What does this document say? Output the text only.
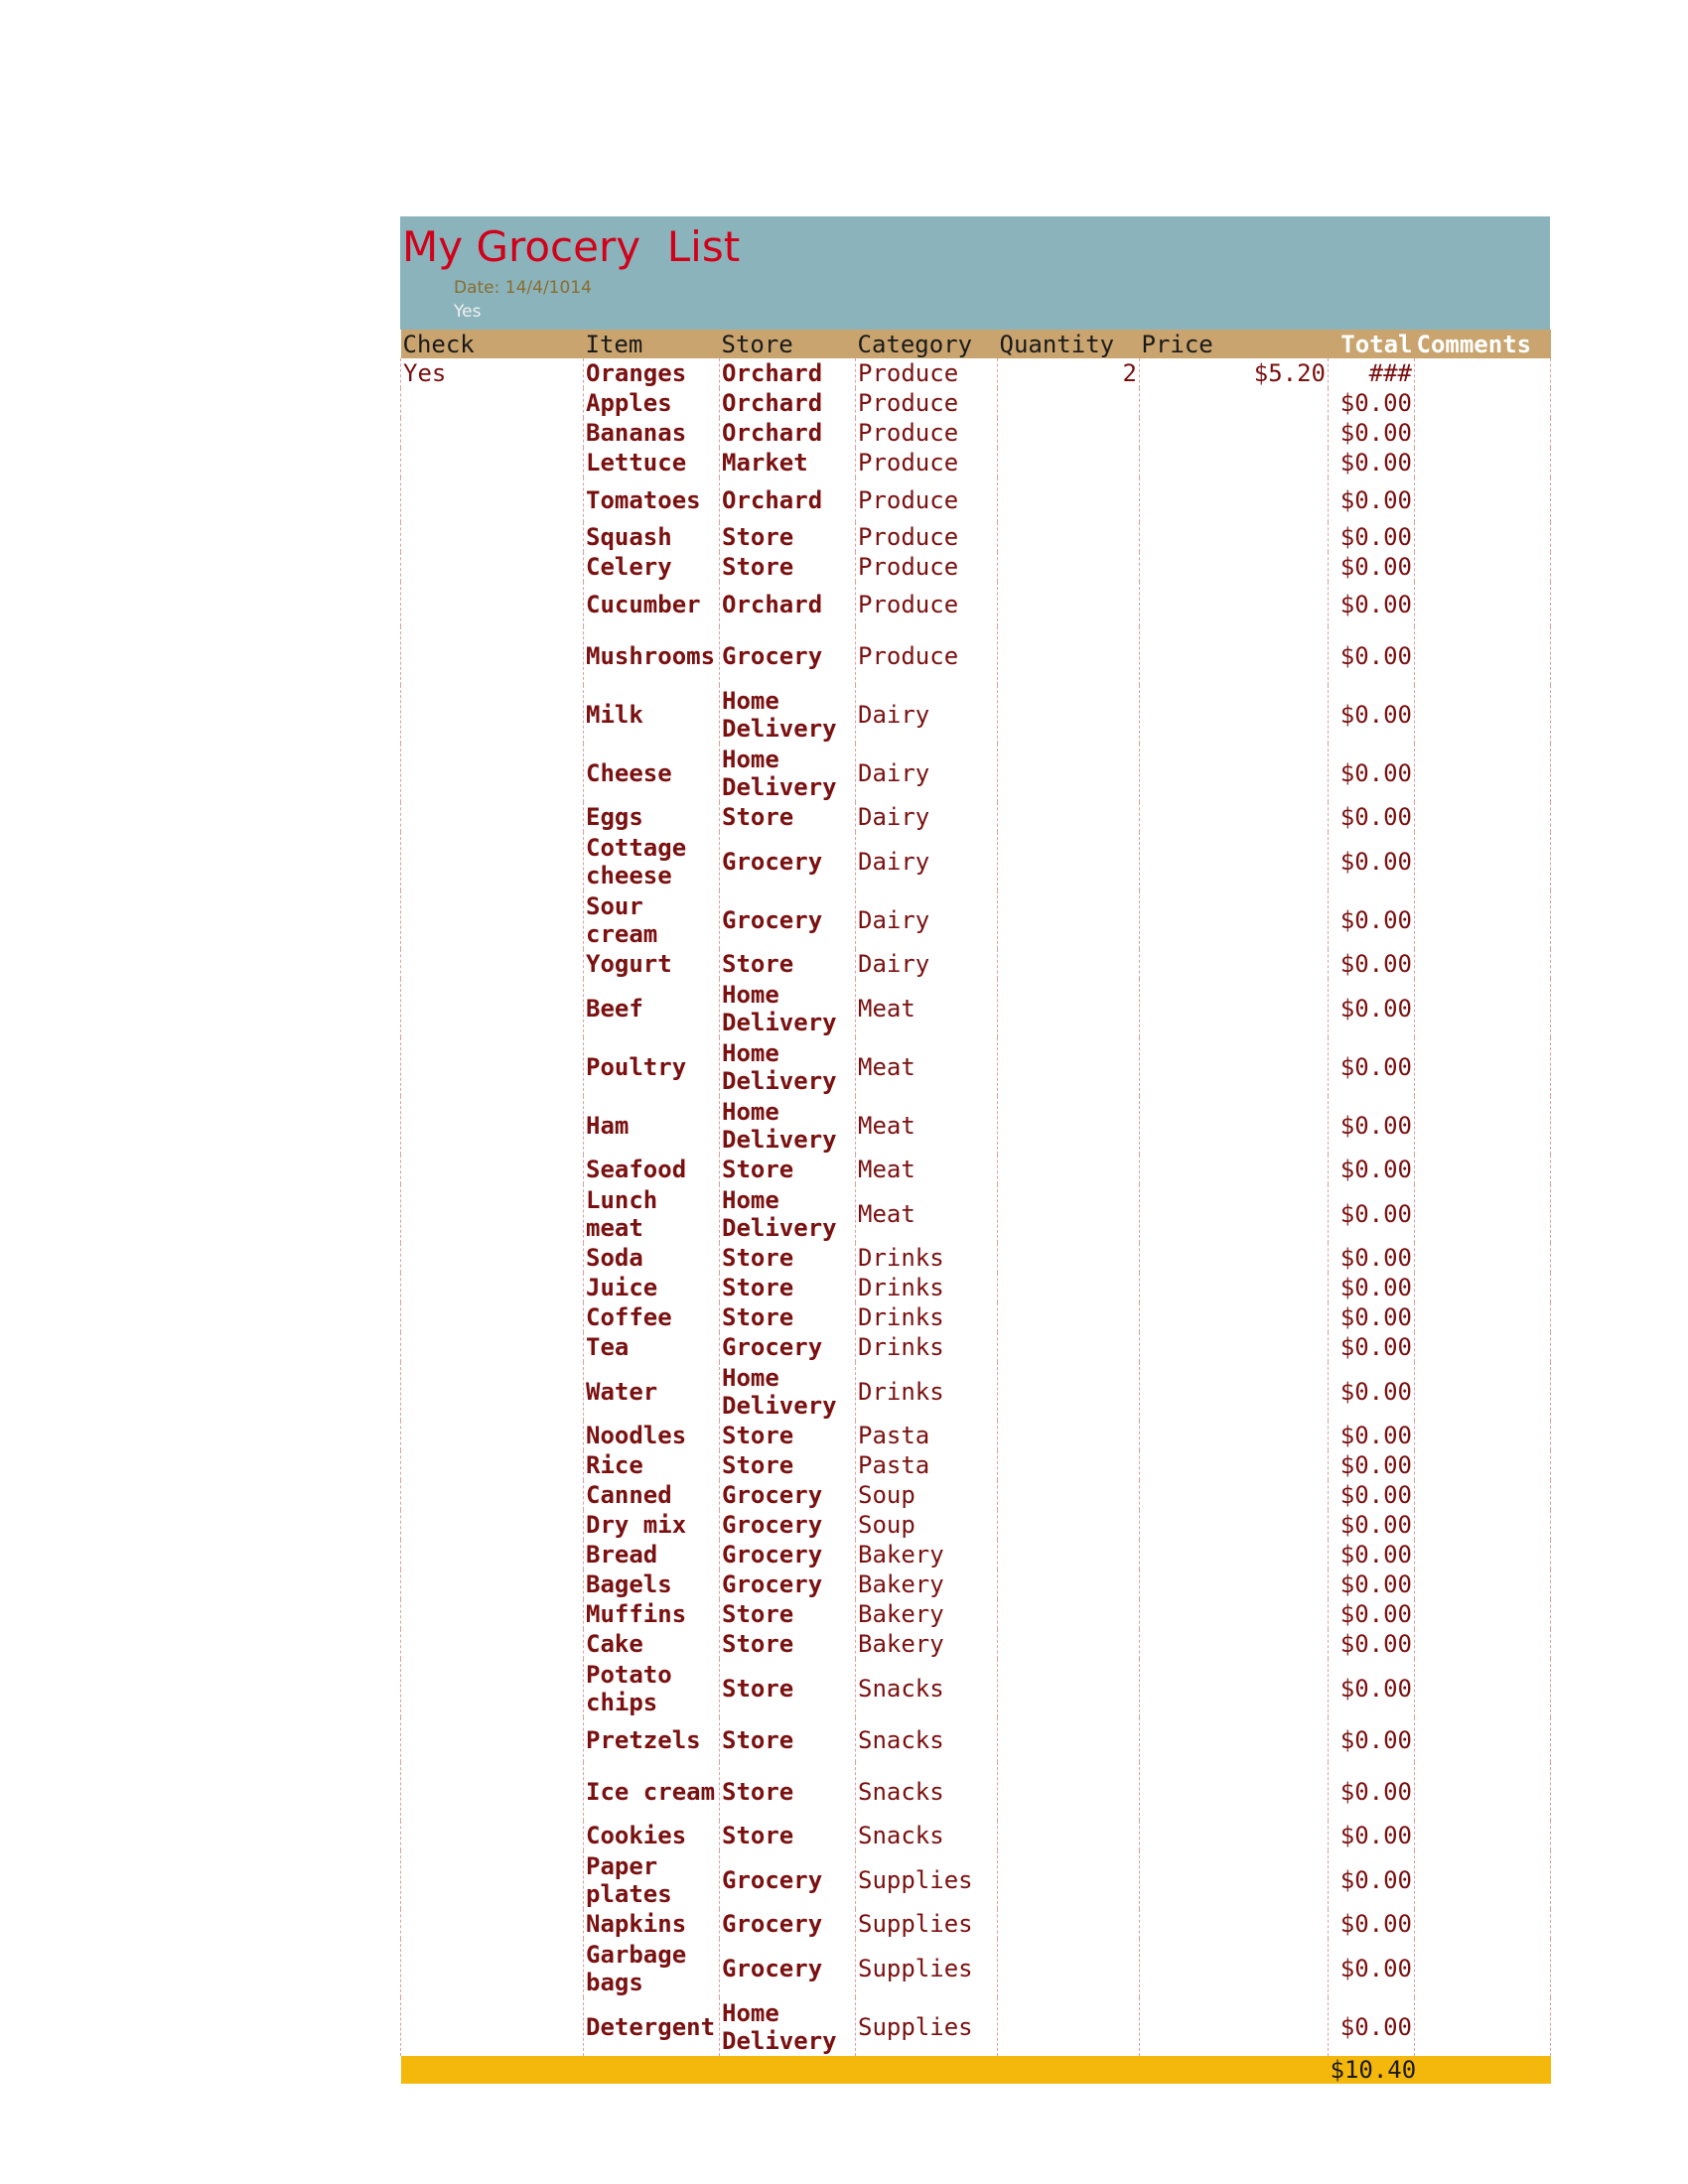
My Grocery  List
Date: 14/4/1014
Yes
Check	Item	Store	Category	Quantity	Price	Total	Comments
Yes	Oranges	Orchard	Produce	2	$5.20	###	
	Apples	Orchard	Produce			$0.00	
	Bananas	Orchard	Produce			$0.00	
	Lettuce	Market	Produce			$0.00	
	Tomatoes	Orchard	Produce			$0.00	
	Squash	Store	Produce			$0.00	
	Celery	Store	Produce			$0.00	
	Cucumber	Orchard	Produce			$0.00	
	Mushrooms	Grocery	Produce			$0.00	
	Milk	Home Delivery	Dairy			$0.00	
	Cheese	Home Delivery	Dairy			$0.00	
	Eggs	Store	Dairy			$0.00	
	Cottage cheese	Grocery	Dairy			$0.00	
	Sour cream	Grocery	Dairy			$0.00	
	Yogurt	Store	Dairy			$0.00	
	Beef	Home Delivery	Meat			$0.00	
	Poultry	Home Delivery	Meat			$0.00	
	Ham	Home Delivery	Meat			$0.00	
	Seafood	Store	Meat			$0.00	
	Lunch meat	Home Delivery	Meat			$0.00	
	Soda	Store	Drinks			$0.00	
	Juice	Store	Drinks			$0.00	
	Coffee	Store	Drinks			$0.00	
	Tea	Grocery	Drinks			$0.00	
	Water	Home Delivery	Drinks			$0.00	
	Noodles	Store	Pasta			$0.00	
	Rice	Store	Pasta			$0.00	
	Canned	Grocery	Soup			$0.00	
	Dry mix	Grocery	Soup			$0.00	
	Bread	Grocery	Bakery			$0.00	
	Bagels	Grocery	Bakery			$0.00	
	Muffins	Store	Bakery			$0.00	
	Cake	Store	Bakery			$0.00	
	Potato chips	Store	Snacks			$0.00	
	Pretzels	Store	Snacks			$0.00	
	Ice cream	Store	Snacks			$0.00	
	Cookies	Store	Snacks			$0.00	
	Paper plates	Grocery	Supplies			$0.00	
	Napkins	Grocery	Supplies			$0.00	
	Garbage bags	Grocery	Supplies			$0.00	
	Detergent	Home Delivery	Supplies			$0.00	
						$10.40	
